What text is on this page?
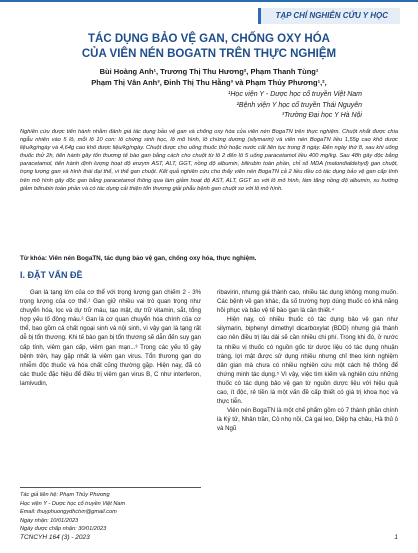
TẠP CHÍ NGHIÊN CỨU Y HỌC
TÁC DỤNG BẢO VỆ GAN, CHỐNG OXY HÓA
CỦA VIÊN NÉN BOGATN TRÊN THỰC NGHIỆM
Bùi Hoàng Anh¹, Trương Thị Thu Hương², Phạm Thanh Tùng¹
Phạm Thị Vân Anh³, Đinh Thị Thu Hằng³ và Phạm Thủy Phương¹,²,
¹Học viện Y - Dược học cổ truyền Việt Nam
²Bệnh viện Y học cổ truyền Thái Nguyên
³Trường Đại học Y Hà Nội

Nghiên cứu được tiến hành nhằm đánh giá tác dụng bảo vệ gan và chống oxy hóa của viên nén BogaTN trên thực nghiệm. Chuột nhắt được chia ngẫu nhiên vào 5 lô, mỗi lô 10 con: lô chứng sinh học, lô mô hình, lô chứng dương (silymarin) và viên nén BogaTN liều 1,55g cao khô dược liệu/kg/ngày và 4,64g cao khô dược liệu/kg/ngày. Chuột được cho uống thuốc thử hoặc nước cất liên tục trong 8 ngày. Đến ngày thứ 8, sau khi uống thuốc thử 2h, tiến hành gây tổn thương tế bào gan bằng cách cho chuột từ lô 2 đến lô 5 uống paracetamol liều 400 mg/kg. Sau 48h gây độc bằng paracetamol, tiến hành định lượng hoạt độ enzym AST, ALT, GGT, nồng độ albumin, bilirubin toàn phần, chỉ số MDA (malondialdehyd) gan chuột, trọng lượng gan và hình thái đại thể, vi thể gan chuột. Kết quả nghiên cứu cho thấy viên nén BogaTN cả 2 liều đều có tác dụng bảo vệ gan cấp tính trên mô hình gây độc gan bằng paracetamol thông qua làm giảm hoạt độ AST, ALT, GGT so với lô mô hình, làm tăng nồng độ albumin, xu hướng giảm bilirubin toàn phần và có tác dụng cải thiện tổn thương giải phẫu bệnh gan chuột so với lô mô hình.

Từ khóa: Viên nén BogaTN, tác dụng bảo vệ gan, chống oxy hóa, thực nghiệm.

I. ĐẶT VẤN ĐỀ

Gan là tạng lớn của cơ thể với trọng lượng gan chiếm 2 - 3% trọng lượng của cơ thể.¹ Gan giữ nhiều vai trò quan trọng như chuyển hóa, lọc và dự trữ máu, tạo mật, dự trữ vitamin, sắt, tổng hợp yếu tố đông máu.² Gan là cơ quan chuyển hóa chính của cơ thể, bao gồm cả chất ngoại sinh và nội sinh, vì vậy gan là tạng rất dễ bị tổn thương. Khi tế bào gan bị tổn thương sẽ dẫn đến suy gan cấp tính, viêm gan cấp, viêm gan mạn...³ Trong các yếu tố gây bệnh trên, hay gặp nhất là viêm gan virus. Tổn thương gan do nhiễm độc thuốc và hóa chất cũng thường gặp. Hiện nay, đã có các thuốc đặc hiệu để điều trị viêm gan virus B, C như interferon, lamivudin,

ribavirin, nhưng giá thành cao, nhiều tác dụng không mong muốn. Các bệnh về gan khác, đa số trường hợp dùng thuốc có khả năng hồi phục và bảo vệ tế bào gan là cần thiết.⁴

Hiện nay, có nhiều thuốc có tác dụng bảo vệ gan như silymarin, biphenyl dimethyl dicarboxylat (BDD) nhưng giá thành cao nên điều trị lâu dài sẽ cần nhiều chi phí. Trong khi đó, ở nước ta nhiều vị thuốc có nguồn gốc từ dược liệu có tác dụng nhuận tràng, lợi mật được sử dụng nhiều nhưng chỉ theo kinh nghiệm dân gian mà chưa có nhiều nghiên cứu một cách hệ thống để chứng minh tác dụng.⁵ Vì vậy, việc tìm kiếm và nghiên cứu những thuốc có tác dụng bảo vệ gan từ nguồn dược liệu với hiệu quả cao, ít độc, rẻ tiền là một vấn đề cấp thiết có giá trị khoa học và thực tiễn.

Viên nén BogaTN là một chế phẩm gồm có 7 thành phần chính là Ký tử, Nhân trần, Cỏ nhọ nồi, Cà gai leo, Diệp hạ châu, Hà thủ ô và Ngũ

Tác giả liên hệ: Phạm Thủy Phương
Học viện Y - Dược học cổ truyền Việt Nam
Email: thuyphuongydhctvn@gmail.com
Ngày nhận: 10/01/2023
Ngày được chấp nhận: 30/01/2023
TCNCYH 164 (3) - 2023	1
